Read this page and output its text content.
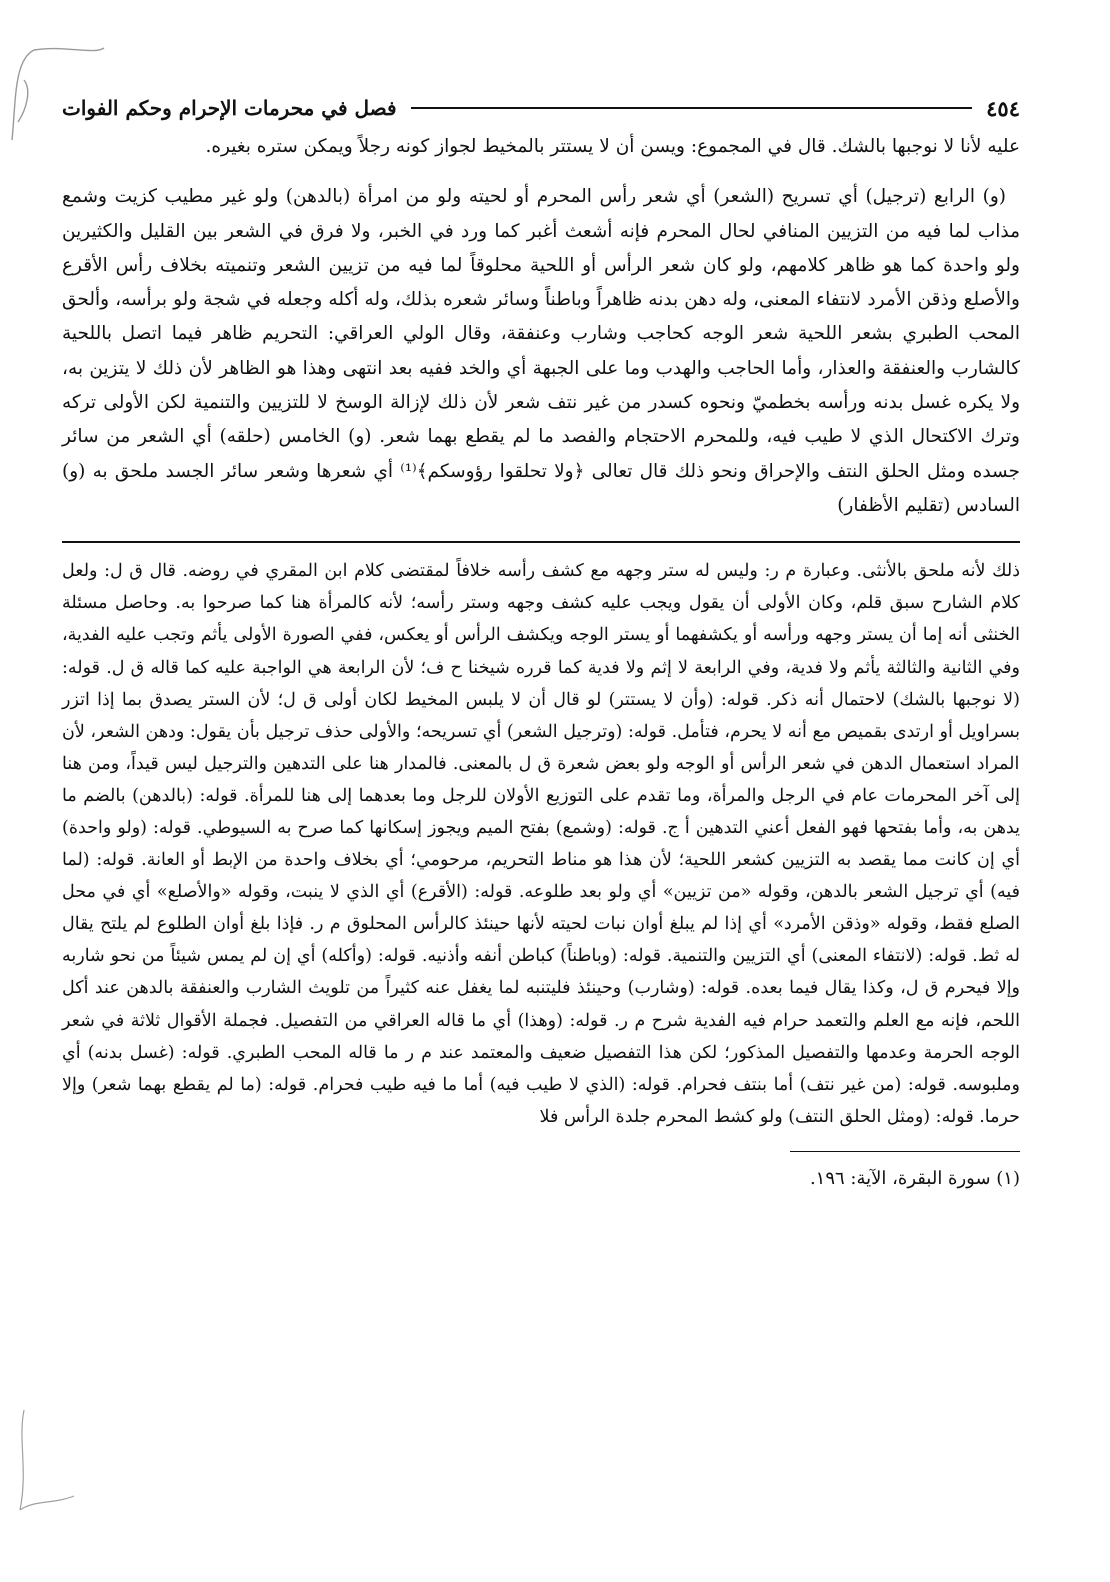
٤٥٤
فصل في محرمات الإحرام وحكم الفوات

عليه لأنا لا نوجبها بالشك. قال في المجموع: ويسن أن لا يستتر بالمخيط لجواز كونه رجلاً ويمكن ستره بغيره.

(و) الرابع (ترجيل) أي تسريح (الشعر) أي شعر رأس المحرم أو لحيته ولو من امرأة (بالدهن) ولو غير مطيب كزيت وشمع مذاب لما فيه من التزيين المنافي لحال المحرم فإنه أشعث أغبر كما ورد في الخبر، ولا فرق في الشعر بين القليل والكثيرين ولو واحدة كما هو ظاهر كلامهم، ولو كان شعر الرأس أو اللحية محلوقاً لما فيه من تزيين الشعر وتنميته بخلاف رأس الأقرع والأصلع وذقن الأمرد لانتفاء المعنى، وله دهن بدنه ظاهراً وباطناً وسائر شعره بذلك، وله أكله وجعله في شجة ولو برأسه، وألحق المحب الطبري بشعر اللحية شعر الوجه كحاجب وشارب وعنفقة، وقال الولي العراقي: التحريم ظاهر فيما اتصل باللحية كالشارب والعنفقة والعذار، وأما الحاجب والهدب وما على الجبهة أي والخد ففيه بعد انتهى وهذا هو الظاهر لأن ذلك لا يتزين به، ولا يكره غسل بدنه ورأسه بخطميّ ونحوه كسدر من غير نتف شعر لأن ذلك لإزالة الوسخ لا للتزيين والتنمية لكن الأولى تركه وترك الاكتحال الذي لا طيب فيه، وللمحرم الاحتجام والفصد ما لم يقطع بهما شعر. (و) الخامس (حلقه) أي الشعر من سائر جسده ومثل الحلق النتف والإحراق ونحو ذلك قال تعالى ﴿ولا تحلقوا رؤوسكم﴾⁽¹⁾ أي شعرها وشعر سائر الجسد ملحق به (و) السادس (تقليم الأظفار)

ذلك لأنه ملحق بالأنثى. وعبارة م ر: وليس له ستر وجهه مع كشف رأسه خلافاً لمقتضى كلام ابن المقري في روضه. قال ق ل: ولعل كلام الشارح سبق قلم، وكان الأولى أن يقول ويجب عليه كشف وجهه وستر رأسه؛ لأنه كالمرأة هنا كما صرحوا به. وحاصل مسئلة الخنثى أنه إما أن يستر وجهه ورأسه أو يكشفهما أو يستر الوجه ويكشف الرأس أو يعكس، ففي الصورة الأولى يأثم وتجب عليه الفدية، وفي الثانية والثالثة يأثم ولا فدية، وفي الرابعة لا إثم ولا فدية كما قرره شيخنا ح ف؛ لأن الرابعة هي الواجبة عليه كما قاله ق ل. قوله: (لا نوجبها بالشك) لاحتمال أنه ذكر. قوله: (وأن لا يستتر) لو قال أن لا يلبس المخيط لكان أولى ق ل؛ لأن الستر يصدق بما إذا اتزر بسراويل أو ارتدى بقميص مع أنه لا يحرم، فتأمل. قوله: (وترجيل الشعر) أي تسريحه؛ والأولى حذف ترجيل بأن يقول: ودهن الشعر، لأن المراد استعمال الدهن في شعر الرأس أو الوجه ولو بعض شعرة ق ل بالمعنى. فالمدار هنا على التدهين والترجيل ليس قيداً، ومن هنا إلى آخر المحرمات عام في الرجل والمرأة، وما تقدم على التوزيع الأولان للرجل وما بعدهما إلى هنا للمرأة. قوله: (بالدهن) بالضم ما يدهن به، وأما بفتحها فهو الفعل أعني التدهين أ ج. قوله: (وشمع) بفتح الميم ويجوز إسكانها كما صرح به السيوطي. قوله: (ولو واحدة) أي إن كانت مما يقصد به التزيين كشعر اللحية؛ لأن هذا هو مناط التحريم، مرحومي؛ أي بخلاف واحدة من الإبط أو العانة. قوله: (لما فيه) أي ترجيل الشعر بالدهن، وقوله «من تزيين» أي ولو بعد طلوعه. قوله: (الأقرع) أي الذي لا ينبت، وقوله «والأصلع» أي في محل الصلع فقط، وقوله «وذقن الأمرد» أي إذا لم يبلغ أوان نبات لحيته لأنها حينئذ كالرأس المحلوق م ر. فإذا بلغ أوان الطلوع لم يلتح يقال له ثط. قوله: (لانتفاء المعنى) أي التزيين والتنمية. قوله: (وباطناً) كباطن أنفه وأذنيه. قوله: (وأكله) أي إن لم يمس شيئاً من نحو شاربه وإلا فيحرم ق ل، وكذا يقال فيما بعده. قوله: (وشارب) وحينئذ فليتنبه لما يغفل عنه كثيراً من تلويث الشارب والعنفقة بالدهن عند أكل اللحم، فإنه مع العلم والتعمد حرام فيه الفدية شرح م ر. قوله: (وهذا) أي ما قاله العراقي من التفصيل. فجملة الأقوال ثلاثة في شعر الوجه الحرمة وعدمها والتفصيل المذكور؛ لكن هذا التفصيل ضعيف والمعتمد عند م ر ما قاله المحب الطبري. قوله: (غسل بدنه) أي وملبوسه. قوله: (من غير نتف) أما بنتف فحرام. قوله: (الذي لا طيب فيه) أما ما فيه طيب فحرام. قوله: (ما لم يقطع بهما شعر) وإلا حرما. قوله: (ومثل الحلق النتف) ولو كشط المحرم جلدة الرأس فلا

(١) سورة البقرة، الآية: ١٩٦.
